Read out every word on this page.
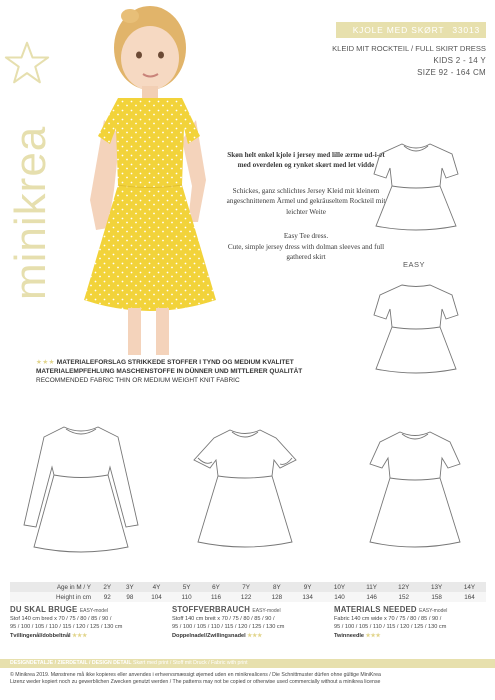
minikrea
KJOLE MED SKØRT 33013
KLEID MIT ROCKTEIL / FULL SKIRT DRESS
KIDS 2 - 14 Y
SIZE 92 - 164 CM
Skøn helt enkel kjole i jersey med lille ærme ud-i-et med overdelen og rynket skørt med let vidde
Schickes, ganz schlichtes Jersey Kleid mit kleinem angeschnittenem Ärmel und gekräuseltem Rockteil mit leichter Weite
Easy Tee dress.
Cute, simple jersey dress with dolman sleeves and full gathered skirt
EASY
★★★ MATERIALEFORSLAG STRIKKEDE STOFFER I TYND OG MEDIUM KVALITET
MATERIALEMPFEHLUNG MASCHENSTOFFE IN DÜNNER UND MITTLERER QUALITÄT
RECOMMENDED FABRIC THIN OR MEDIUM WEIGHT KNIT FABRIC
Age in M / Y	2Y	3Y	4Y	5Y	6Y	7Y	8Y	9Y	10Y	11Y	12Y	13Y	14Y
Height in cm	92	98	104	110	116	122	128	134	140	146	152	158	164
DU SKAL BRUGE EASY-model
Stof 140 cm bred x 70 / 75 / 80 / 85 / 90 /
95 / 100 / 105 / 110 / 115 / 120 / 125 / 130 cm
Tvillingenål/dobbeltnål ★★★
STOFFVERBRAUCH EASY-model
Stoff 140 cm breit x 70 / 75 / 80 / 85 / 90 /
95 / 100 / 105 / 110 / 115 / 120 / 125 / 130 cm
Doppelnadel/Zwillingsnadel ★★★
MATERIALS NEEDED EASY-model
Fabric 140 cm wide x 70 / 75 / 80 / 85 / 90 /
95 / 100 / 105 / 110 / 115 / 120 / 125 / 130 cm
Twinneedle ★★★
DESIGNDETALJE / ZIERDETAIL / DESIGN DETAIL Skørt med print / Stoff mit Druck / Fabric with print
© Minikrea 2019. Mønstrene må ikke kopieres eller anvendes i erhvervsmæssigt øjemed uden en minikrealicens / Die Schnittmuster dürfen ohne gültige MiniKrea
Lizenz weder kopiert noch zu gewerblichen Zwecken genutzt werden / The patterns may not be copied or otherwise used commercially without a minikrea license
